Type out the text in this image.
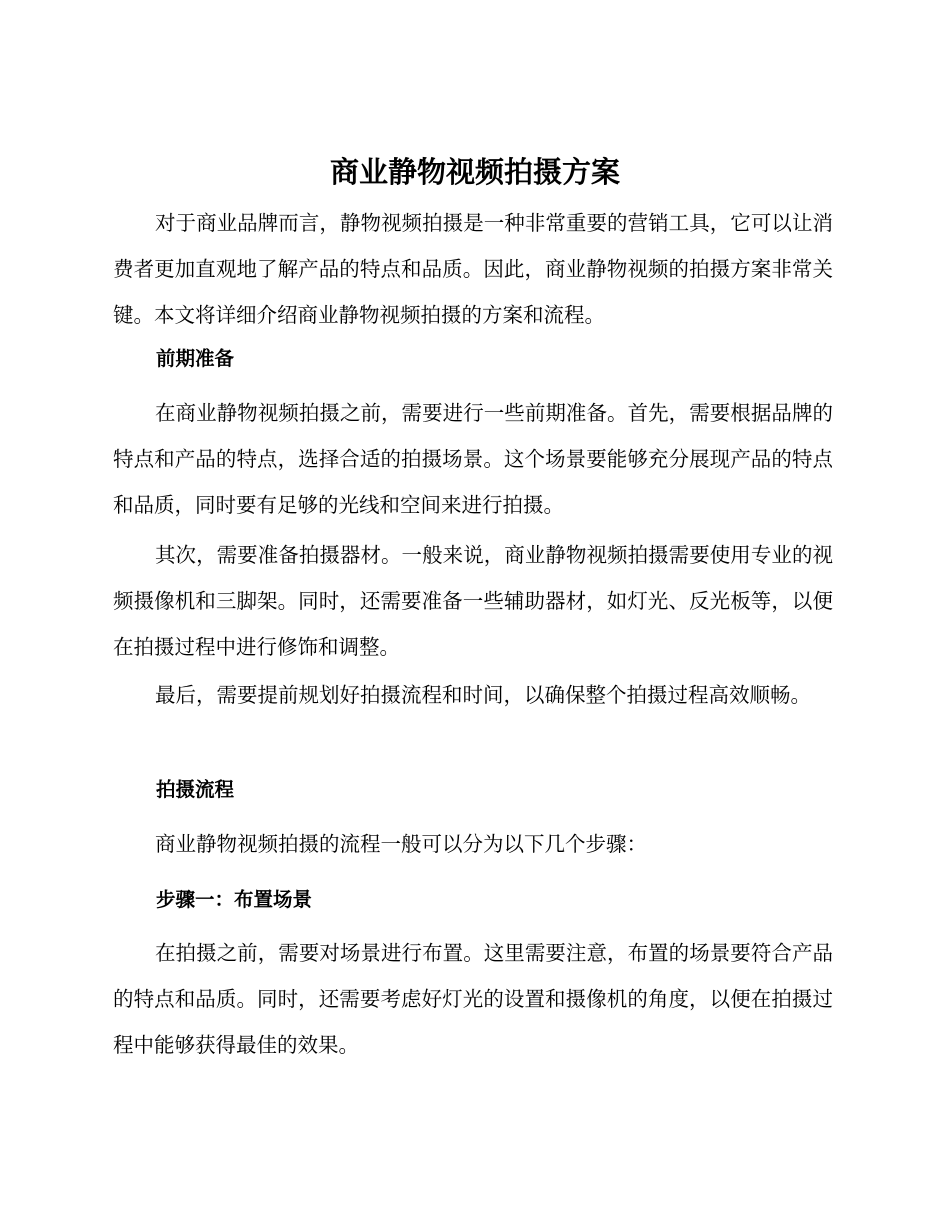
商业静物视频拍摄方案

对于商业品牌而言，静物视频拍摄是一种非常重要的营销工具，它可以让消费者更加直观地了解产品的特点和品质。因此，商业静物视频的拍摄方案非常关键。本文将详细介绍商业静物视频拍摄的方案和流程。

前期准备

在商业静物视频拍摄之前，需要进行一些前期准备。首先，需要根据品牌的特点和产品的特点，选择合适的拍摄场景。这个场景要能够充分展现产品的特点和品质，同时要有足够的光线和空间来进行拍摄。

其次，需要准备拍摄器材。一般来说，商业静物视频拍摄需要使用专业的视频摄像机和三脚架。同时，还需要准备一些辅助器材，如灯光、反光板等，以便在拍摄过程中进行修饰和调整。

最后，需要提前规划好拍摄流程和时间，以确保整个拍摄过程高效顺畅。

拍摄流程

商业静物视频拍摄的流程一般可以分为以下几个步骤：

步骤一：布置场景

在拍摄之前，需要对场景进行布置。这里需要注意，布置的场景要符合产品的特点和品质。同时，还需要考虑好灯光的设置和摄像机的角度，以便在拍摄过程中能够获得最佳的效果。
